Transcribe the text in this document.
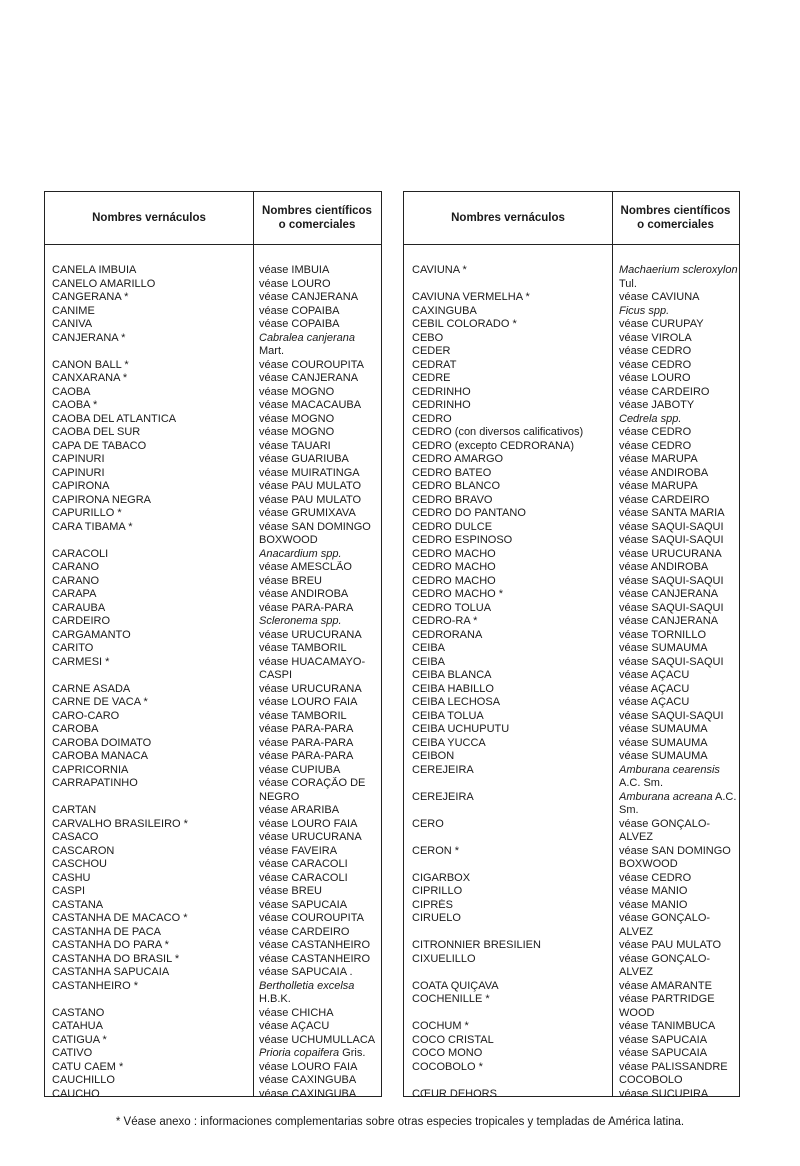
Nombres vernáculos
Nombres científicos
o comerciales
CANELA IMBUIA	véase IMBUIA
CANELO AMARILLO	véase LOURO
CANGERANA *	véase CANJERANA
CANIME	véase COPAIBA
CANIVA	véase COPAIBA
CANJERANA *	Cabralea canjerana Mart.
CANON BALL *	véase COUROUPITA
CANXARANA *	véase CANJERANA
CAOBA	véase MOGNO
CAOBA *	véase MACACAUBA
CAOBA DEL ATLANTICA	véase MOGNO
CAOBA DEL SUR	véase MOGNO
CAPA DE TABACO	véase TAUARI
CAPINURI	véase GUARIUBA
CAPINURI	véase MUIRATINGA
CAPIRONA	véase PAU MULATO
CAPIRONA NEGRA	véase PAU MULATO
CAPURILLO *	véase GRUMIXAVA
CARA TIBAMA *	véase SAN DOMINGO BOXWOOD
CARACOLI	Anacardium spp.
CARANO	véase AMESCLÃO
CARANO	véase BREU
CARAPA	véase ANDIROBA
CARAUBA	véase PARA-PARA
CARDEIRO	Scleronema spp.
CARGAMANTO	véase URUCURANA
CARITO	véase TAMBORIL
CARMESI *	véase HUACAMAYO-CASPI
CARNE ASADA	véase URUCURANA
CARNE DE VACA *	véase LOURO FAIA
CARO-CARO	véase TAMBORIL
CAROBA	véase PARA-PARA
CAROBA DOIMATO	véase PARA-PARA
CAROBA MANACA	véase PARA-PARA
CAPRICORNIA	véase CUPIUBA
CARRAPATINHO	véase CORAÇÃO DE NEGRO
CARTAN	véase ARARIBA
CARVALHO BRASILEIRO *	véase LOURO FAIA
CASACO	véase URUCURANA
CASCARON	véase FAVEIRA
CASCHOU	véase CARACOLI
CASHU	véase CARACOLI
CASPI	véase BREU
CASTANA	véase SAPUCAIA
CASTANHA DE MACACO *	véase COUROUPITA
CASTANHA DE PACA	véase CARDEIRO
CASTANHA DO PARA *	véase CASTANHEIRO
CASTANHA DO BRASIL *	véase CASTANHEIRO
CASTANHA SAPUCAIA	véase SAPUCAIA .
CASTANHEIRO *	Bertholletia excelsa H.B.K.
CASTANO	véase CHICHA
CATAHUA	véase AÇACU
CATIGUA *	véase UCHUMULLACA
CATIVO	Prioria copaifera Gris.
CATU CAEM *	véase LOURO FAIA
CAUCHILLO	véase CAXINGUBA
CAUCHO	véase CAXINGUBA
Nombres vernáculos
Nombres científicos
o comerciales
CAVIUNA *	Machaerium scleroxylon Tul.
CAVIUNA VERMELHA *	véase CAVIUNA
CAXINGUBA	Ficus spp.
CEBIL COLORADO *	véase CURUPAY
CEBO	véase VIROLA
CEDER	véase CEDRO
CEDRAT	véase CEDRO
CEDRE	véase LOURO
CEDRINHO	véase CARDEIRO
CEDRINHO	véase JABOTY
CEDRO	Cedrela spp.
CEDRO (con diversos calificativos)	véase CEDRO
CEDRO (excepto CEDRORANA)	véase CEDRO
CEDRO AMARGO	véase MARUPA
CEDRO BATEO	véase ANDIROBA
CEDRO BLANCO	véase MARUPA
CEDRO BRAVO	véase CARDEIRO
CEDRO DO PANTANO	véase SANTA MARIA
CEDRO DULCE	véase SAQUI-SAQUI
CEDRO ESPINOSO	véase SAQUI-SAQUI
CEDRO MACHO	véase URUCURANA
CEDRO MACHO	véase ANDIROBA
CEDRO MACHO	véase SAQUI-SAQUI
CEDRO MACHO *	véase CANJERANA
CEDRO TOLUA	véase SAQUI-SAQUI
CEDRO-RA *	véase CANJERANA
CEDRORANA	véase TORNILLO
CEIBA	véase SUMAUMA
CEIBA	véase SAQUI-SAQUI
CEIBA BLANCA	véase AÇACU
CEIBA HABILLO	véase AÇACU
CEIBA LECHOSA	véase AÇACU
CEIBA TOLUA	véase SAQUI-SAQUI
CEIBA UCHUPUTU	véase SUMAUMA
CEIBA YUCCA	véase SUMAUMA
CEIBON	véase SUMAUMA
CEREJEIRA	Amburana cearensis A.C. Sm.
CEREJEIRA	Amburana acreana A.C. Sm.
CERO	véase GONÇALO-ALVEZ
CERON *	véase SAN DOMINGO BOXWOOD
CIGARBOX	véase CEDRO
CIPRILLO	véase MANIO
CIPRÉS	véase MANIO
CIRUELO	véase GONÇALO-ALVEZ
CITRONNIER BRESILIEN	véase PAU MULATO
CIXUELILLO	véase GONÇALO-ALVEZ
COATA QUIÇAVA	véase AMARANTE
COCHENILLE *	véase PARTRIDGE WOOD
COCHUM *	véase TANIMBUCA
COCO CRISTAL	véase SAPUCAIA
COCO MONO	véase SAPUCAIA
COCOBOLO *	véase PALISSANDRE COCOBOLO
CŒUR DEHORS	véase SUCUPIRA
* Véase anexo : informaciones complementarias sobre otras especies tropicales y templadas de América latina.
